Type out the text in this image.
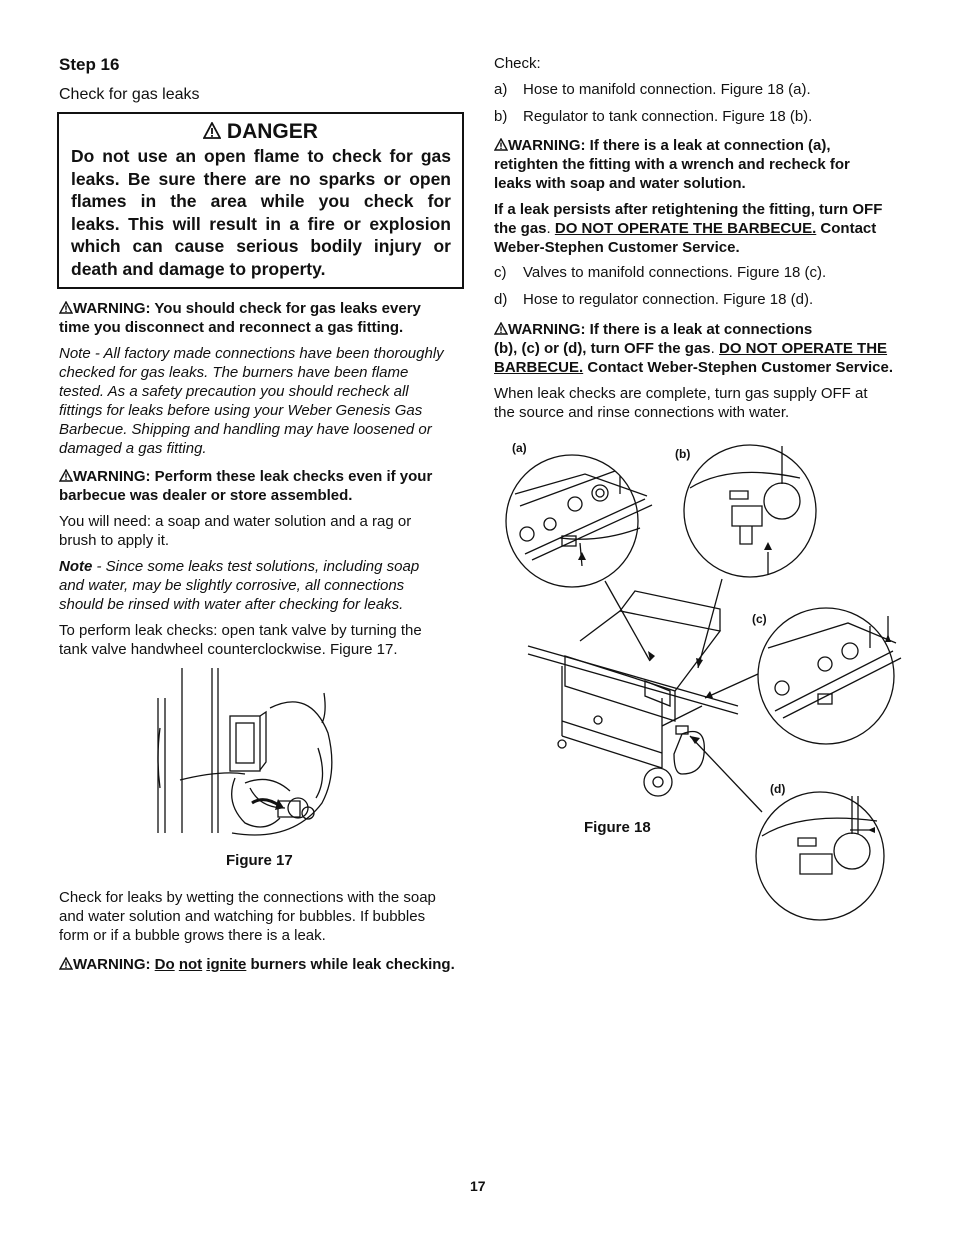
Step 16
Check for gas leaks
DANGER
Do not use an open flame to check for gas
leaks. Be sure there are no sparks or open
flames in the area while you check for
leaks. This will result in a fire or explosion
which can cause serious bodily injury or
death and damage to property.
WARNING: You should check for gas leaks every
time you disconnect and reconnect a gas fitting.
Note - All factory made connections have been thoroughly
checked for gas leaks. The burners have been flame
tested. As a safety precaution you should recheck all
fittings for leaks before using your Weber Genesis Gas
Barbecue. Shipping and handling may have loosened or
damaged a gas fitting.
WARNING: Perform these leak checks even if your
barbecue was dealer or store assembled.
You will need: a soap and water solution and a rag or
brush to apply it.
Note - Since some leaks test solutions, including soap
and water, may be slightly corrosive, all connections
should be rinsed with water after checking for leaks.
To perform leak checks: open tank valve by turning the
tank valve handwheel counterclockwise. Figure 17.
Figure 17
Check for leaks by wetting the connections with the soap
and water solution and watching for bubbles. If bubbles
form or if a bubble grows there is a leak.
WARNING: Do not ignite burners while leak checking.
Check:
a)	Hose to manifold connection. Figure 18 (a).
b)	Regulator to tank connection. Figure 18 (b).
WARNING: If there is a leak at connection (a),
retighten the fitting with a wrench and recheck for
leaks with soap and water solution.
If a leak persists after retightening the fitting, turn OFF
the gas. DO NOT OPERATE THE BARBECUE. Contact
Weber-Stephen Customer Service.
c)	Valves to manifold connections. Figure 18 (c).
d)	Hose to regulator connection. Figure 18 (d).
WARNING: If there is a leak at connections
(b), (c) or (d), turn OFF the gas. DO NOT OPERATE THE
BARBECUE. Contact Weber-Stephen Customer Service.
When leak checks are complete, turn gas supply OFF at
the source and rinse connections with water.
(a)	(b)
(c)
(d)
Figure 18
17
